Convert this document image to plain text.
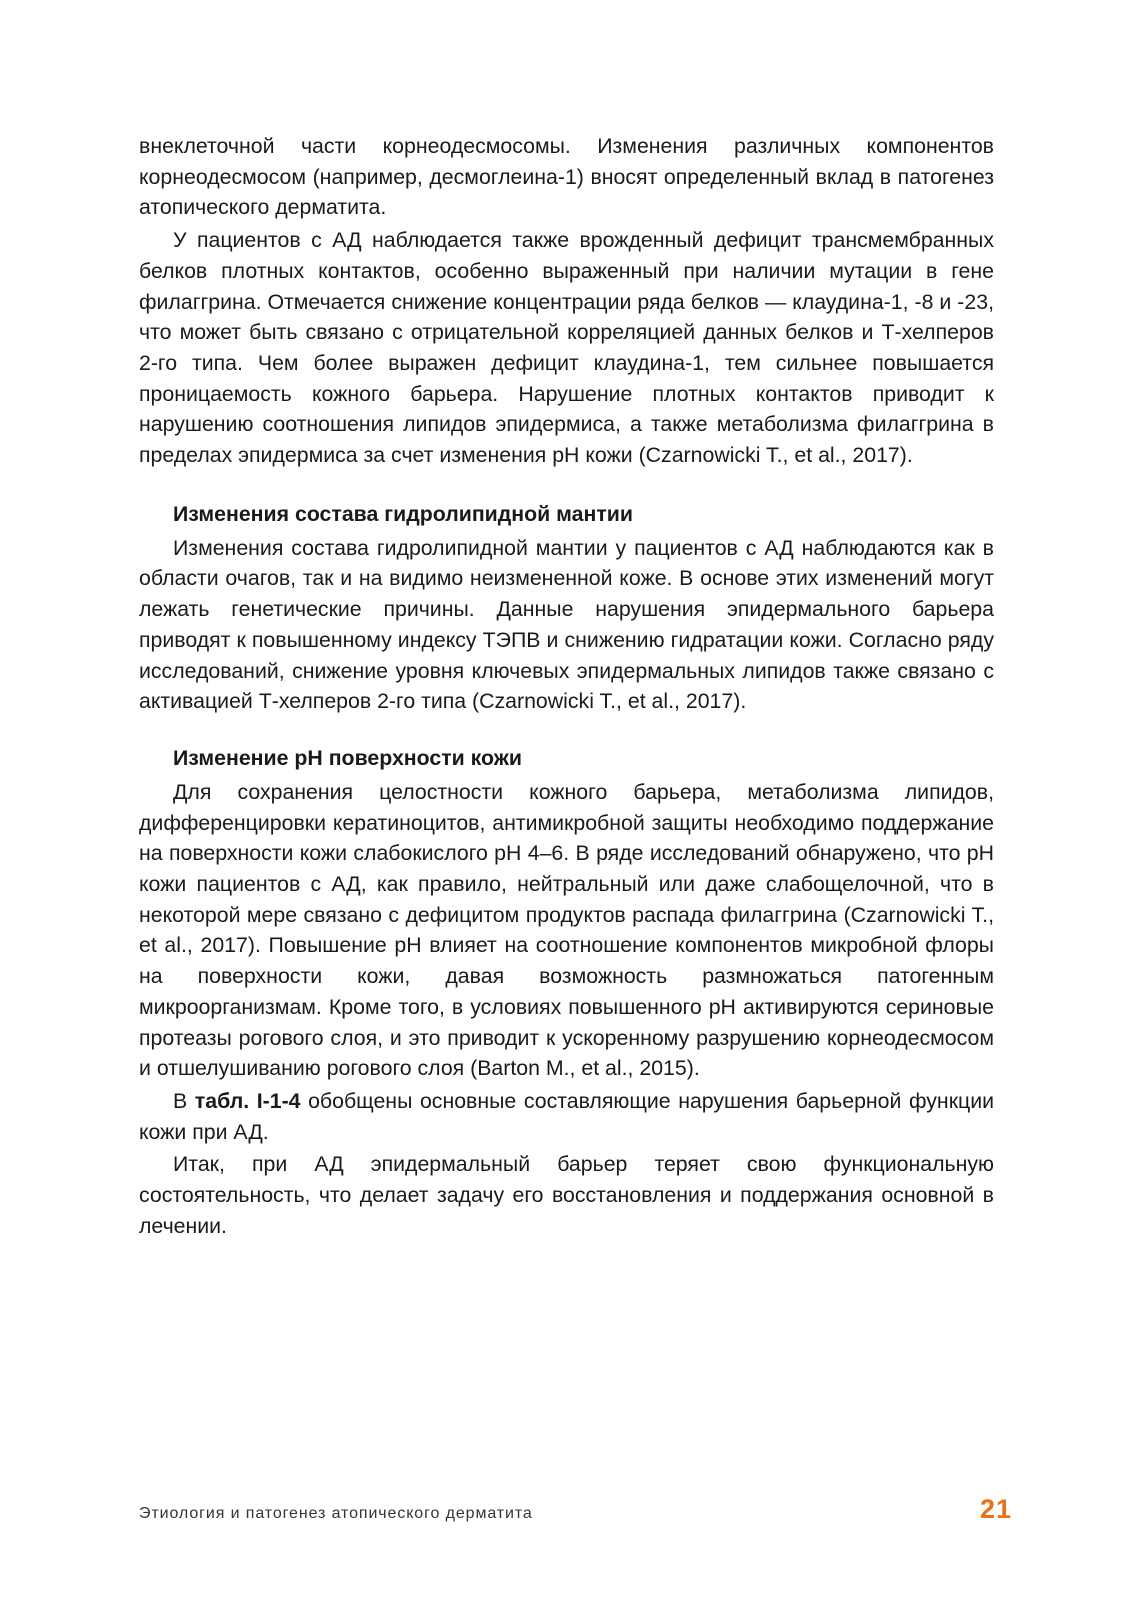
внеклеточной части корнеодесмосомы. Изменения различных компонентов корнеодесмосом (например, десмоглеина-1) вносят определенный вклад в патогенез атопического дерматита.

У пациентов с АД наблюдается также врожденный дефицит трансмембранных белков плотных контактов, особенно выраженный при наличии мутации в гене филаггрина. Отмечается снижение концентрации ряда белков — клаудина-1, -8 и -23, что может быть связано с отрицательной корреляцией данных белков и Т-хелперов 2-го типа. Чем более выражен дефицит клаудина-1, тем сильнее повышается проницаемость кожного барьера. Нарушение плотных контактов приводит к нарушению соотношения липидов эпидермиса, а также метаболизма филаггрина в пределах эпидермиса за счет изменения рН кожи (Czarnowicki T., et al., 2017).

Изменения состава гидролипидной мантии

Изменения состава гидролипидной мантии у пациентов с АД наблюдаются как в области очагов, так и на видимо неизмененной коже. В основе этих изменений могут лежать генетические причины. Данные нарушения эпидермального барьера приводят к повышенному индексу ТЭПВ и снижению гидратации кожи. Согласно ряду исследований, снижение уровня ключевых эпидермальных липидов также связано с активацией Т-хелперов 2-го типа (Czarnowicki T., et al., 2017).

Изменение рН поверхности кожи

Для сохранения целостности кожного барьера, метаболизма липидов, дифференцировки кератиноцитов, антимикробной защиты необходимо поддержание на поверхности кожи слабокислого рН 4–6. В ряде исследований обнаружено, что рН кожи пациентов с АД, как правило, нейтральный или даже слабощелочной, что в некоторой мере связано с дефицитом продуктов распада филаггрина (Czarnowicki T., et al., 2017). Повышение рН влияет на соотношение компонентов микробной флоры на поверхности кожи, давая возможность размножаться патогенным микроорганизмам. Кроме того, в условиях повышенного рН активируются сериновые протеазы рогового слоя, и это приводит к ускоренному разрушению корнеодесмосом и отшелушиванию рогового слоя (Barton M., et al., 2015).

В табл. I-1-4 обобщены основные составляющие нарушения барьерной функции кожи при АД.

Итак, при АД эпидермальный барьер теряет свою функциональную состоятельность, что делает задачу его восстановления и поддержания основной в лечении.

Этиология и патогенез атопического дерматита	21
